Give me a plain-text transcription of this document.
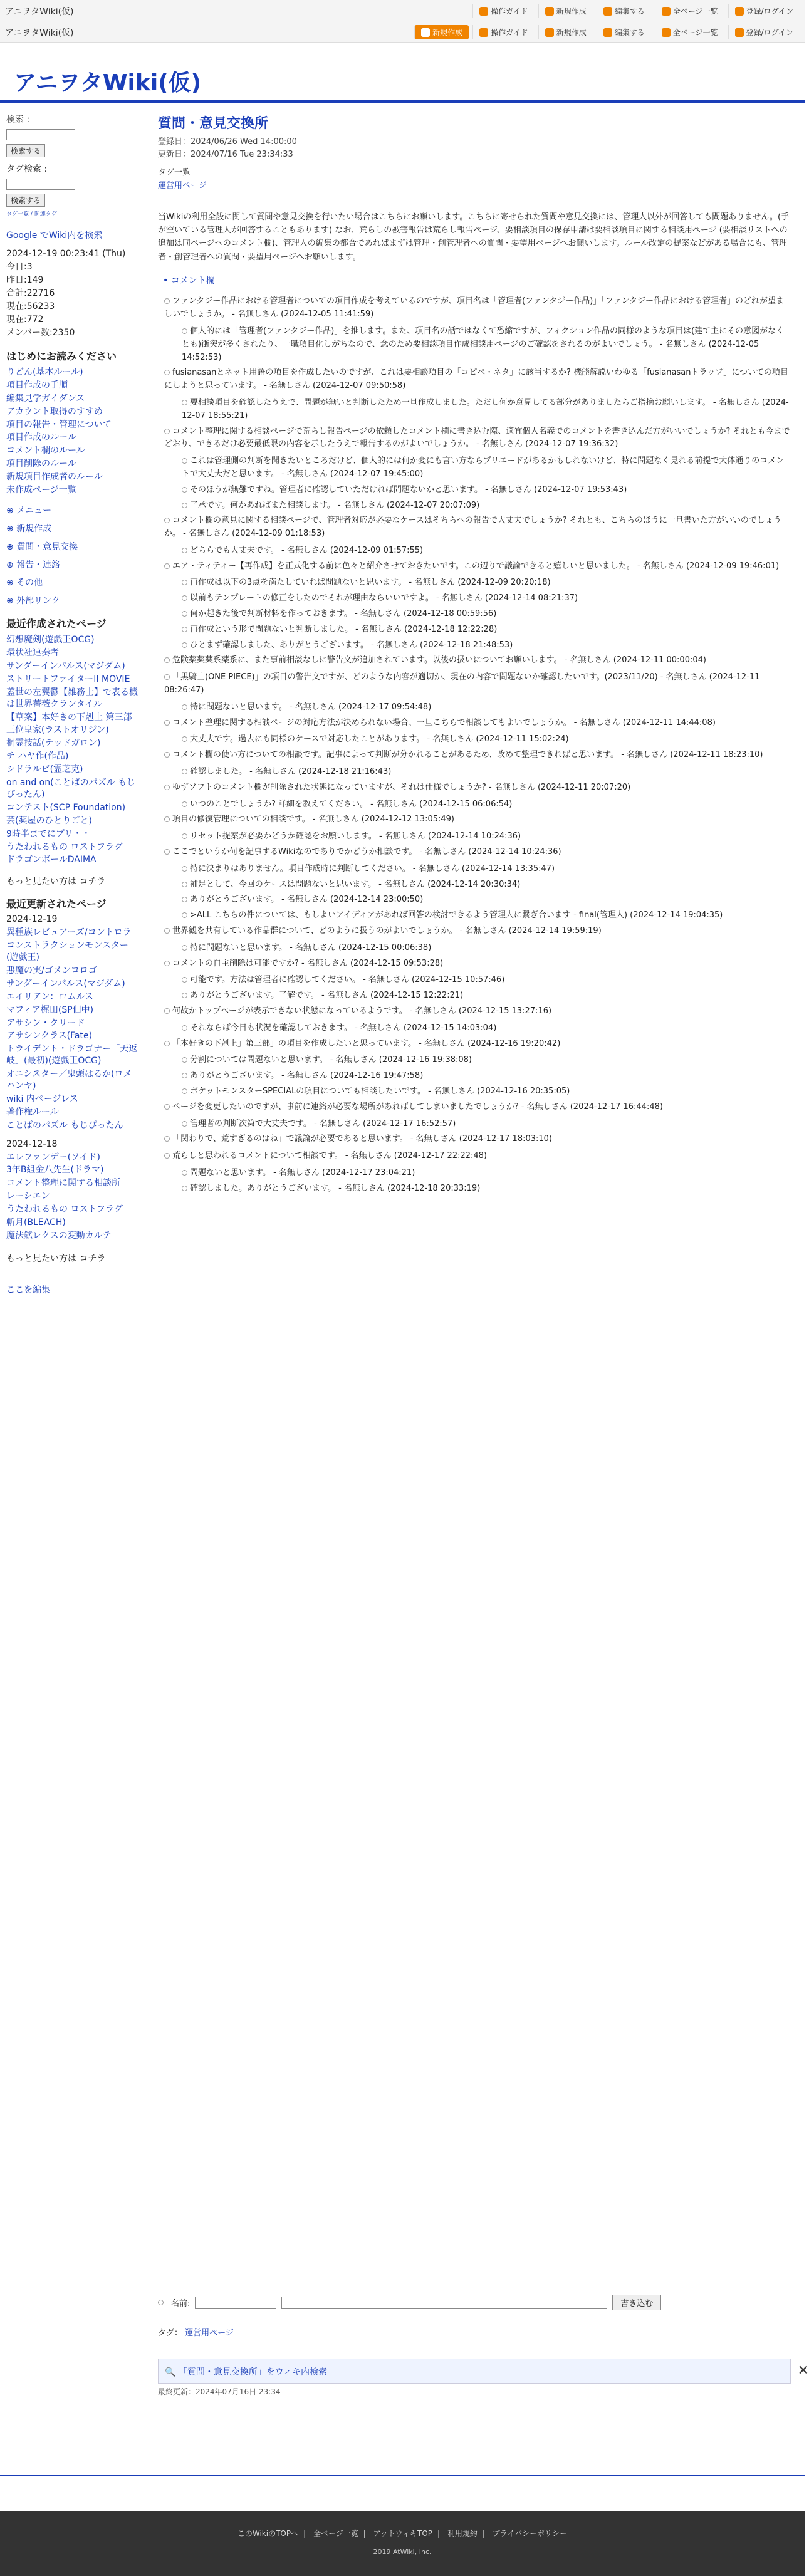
アニヲタWiki(仮)	操作ガイド	新規作成	編集する	全ページ一覧	登録/ログイン
アニヲタWiki(仮)	新規作成	操作ガイド	新規作成	編集する	全ページ一覧	登録/ログイン
アニヲタWiki(仮)
検索 :
検索する
タグ検索 :
検索する
タグ一覧 / 関連タグ
Google でWiki内を検索
2024-12-19 00:23:41 (Thu)
今日:3
昨日:149
合計:22716
現在:56233
現在:772
メンバー数:2350
はじめにお読みください
りどん(基本ルール)
項目作成の手順
編集見学ガイダンス
アカウント取得のすすめ
項目の報告・管理について
項目作成のルール
コメント欄のルール
項目削除のルール
新規項目作成者のルール
未作成ページ一覧
⊕ メニュー
⊕ 新規作成
⊕ 質問・意見交換
⊕ 報告・連絡
⊕ その他
⊕ 外部リンク
最近作成されたページ
幻想魔剣(遊戯王OCG)
環状社連奏者
サンダーインパルス(マジダム)
ストリートファイターII MOVIE
蓋世の左翼鬱【雑務士】で表る機は世界薔薇クランタイル
【草案】本好きの下剋上 第三部
三位皇家(ラストオリジン)
桐霊技話(テッドガロン)
チ ハヤ作(作品)
シドラルビ(霊芝克)
on and on(ことばのパズル もじぴったん)
コンテスト(SCP Foundation)
芸(薬屋のひとりごと)
9時半までにプリ・・
うたわれるもの ロストフラグ
ドラゴンボールDAIMA
もっと見たい方は コチラ
最近更新されたページ
2024-12-19
異種族レビュアーズ/コントロラ
コンストラクションモンスター(遊戯王)
悪魔の実/ゴメンロロゴ
サンダーインパルス(マジダム)
エイリアン：ロムルス
マフィア梶田(SP佃中)
アサシン・クリード
アサシンクラス(Fate)
トライデント・ドラゴナー「天返岐」(最初)(遊戯王OCG)
オニシスター／鬼頭はるか(ロメハンヤ)
wiki 内ページレス
著作権ルール
ことばのパズル もじぴったん
2024-12-18
エレファンデー(ソイド)
3年B組金八先生(ドラマ)
コメント整理に関する相談所
レーシエン
うたわれるもの ロストフラグ
斬月(BLEACH)
魔法鉱レクスの変動カルテ
もっと見たい方は コチラ
ここを編集
質問・意見交換所
登録日：2024/06/26 Wed 14:00:00
更新日：2024/07/16 Tue 23:34:33
タグ一覧
運営用ページ

当Wikiの利用全般に関して質問や意見交換を行いたい場合はこちらにお願いします。こちらに寄せられた質問や意見交換には、管理人以外が回答しても問題ありません。(手が空いている管理人が回答することもあります) なお、荒らしの被害報告は荒らし報告ページ、要相談項目の保存申請は要相談項目に関する相談用ページ (要相談リストへの追加は同ページへのコメント欄)、管理人の編集の都合であればまずは管理・創管理者への質問・要望用ページへお願いします。ルール改定の提案などがある場合にも、管理者・創管理者への質問・要望用ページへお願いします。

• コメント欄
ファンタジー作品における管理者についての項目作成を考えているのですが、項目名は「管理者(ファンタジー作品)」「ファンタジー作品における管理者」のどれが望ましいでしょうか。 - 名無しさん (2024-12-05 11:41:59)
個人的には「管理者(ファンタジー作品)」を推します。また、項目名の話ではなくて恐縮ですが、フィクション作品の同様のような項目は(建て主にその意図がなくとも)衝突が多くされたり、一職項目化しがちなので、念のため要相談項目作成相談用ページのご確認をされるのがよいでしょう。 - 名無しさん (2024-12-05 14:52:53)
fusianasanとネット用語の項目を作成したいのですが、これは要相談項目の「コピペ・ネタ」に該当するか? 機能解説いわゆる「fusianasanトラップ」についての項目にしようと思っています。 - 名無しさん (2024-12-07 09:50:58)
要相談項目を確認したうえで、問題が無いと判断したため一旦作成しました。ただし何か意見してる部分がありましたらご指摘お願いします。 - 名無しさん (2024-12-07 18:55:21)
コメント整理に関する相談ページで荒らし報告ページの依頼したコメント欄に書き込む際、適宜個人名義でのコメントを書き込んだ方がいいでしょうか? それとも今までどおり、できるだけ必要最低限の内容を示したうえで報告するのがよいでしょうか。 - 名無しさん (2024-12-07 19:36:32)
これは管理側の判断を聞きたいところだけど、個人的には何か変にも言い方ならプリエードがあるかもしれないけど、特に問題なく見れる前提で大体通りのコメントで大丈夫だと思います。 - 名無しさん (2024-12-07 19:45:00)
そのほうが無難ですね。管理者に確認していただければ問題ないかと思います。 - 名無しさん (2024-12-07 19:53:43)
了承です。何かあればまた相談します。 - 名無しさん (2024-12-07 20:07:09)
コメント欄の意見に関する相談ページで、管理者対応が必要なケースはそちらへの報告で大丈夫でしょうか? それとも、こちらのほうに一旦書いた方がいいのでしょうか。 - 名無しさん (2024-12-09 01:18:53)
どちらでも大丈夫です。 - 名無しさん (2024-12-09 01:57:55)
エア・ティティー【再作成】を正式化する前に色々と紹介させておきたいです。この辺りで議論できると嬉しいと思いました。 - 名無しさん (2024-12-09 19:46:01)
再作成は以下の3点を満たしていれば問題ないと思います。 - 名無しさん (2024-12-09 20:20:18)
以前もテンプレートの修正をしたのでそれが理由ならいいですよ。 - 名無しさん (2024-12-14 08:21:37)
何か起きた後で判断材料を作っておきます。 - 名無しさん (2024-12-18 00:59:56)
再作成という形で問題ないと判断しました。 - 名無しさん (2024-12-18 12:22:28)
ひとまず確認しました、ありがとうございます。 - 名無しさん (2024-12-18 21:48:53)
危険薬薬薬系薬系に、また事前相談なしに警告文が追加されています。以後の扱いについてお願いします。 - 名無しさん (2024-12-11 00:00:04)
「黒騎士(ONE PIECE)」の項目の警告文ですが、どのような内容が適切か、現在の内容で問題ないか確認したいです。(2023/11/20) - 名無しさん (2024-12-11 08:26:47)
特に問題ないと思います。 - 名無しさん (2024-12-17 09:54:48)
コメント整理に関する相談ページの対応方法が決められない場合、一旦こちらで相談してもよいでしょうか。 - 名無しさん (2024-12-11 14:44:08)
大丈夫です。過去にも同様のケースで対応したことがあります。 - 名無しさん (2024-12-11 15:02:24)
コメント欄の使い方についての相談です。記事によって判断が分かれることがあるため、改めて整理できればと思います。 - 名無しさん (2024-12-11 18:23:10)
確認しました。 - 名無しさん (2024-12-18 21:16:43)
ゆずソフトのコメント欄が削除された状態になっていますが、それは仕様でしょうか? - 名無しさん (2024-12-11 20:07:20)
いつのことでしょうか? 詳細を教えてください。 - 名無しさん (2024-12-15 06:06:54)
項目の修復管理についての相談です。 - 名無しさん (2024-12-12 13:05:49)
リセット提案が必要かどうか確認をお願いします。 - 名無しさん (2024-12-14 10:24:36)
ここでというか何を記事するWikiなのでありでかどうか相談です。 - 名無しさん (2024-12-14 10:24:36)
特に決まりはありません。項目作成時に判断してください。 - 名無しさん (2024-12-14 13:35:47)
補足として、今回のケースは問題ないと思います。 - 名無しさん (2024-12-14 20:30:34)
ありがとうございます。 - 名無しさん (2024-12-14 23:00:50)
>ALL こちらの件については、もしよいアイディアがあれば回答の検討できるよう管理人に繋ぎ合います - final(管理人) (2024-12-14 19:04:35)
世界観を共有している作品群について、どのように扱うのがよいでしょうか。 - 名無しさん (2024-12-14 19:59:19)
特に問題ないと思います。 - 名無しさん (2024-12-15 00:06:38)
コメントの自主削除は可能ですか? - 名無しさん (2024-12-15 09:53:28)
可能です。方法は管理者に確認してください。 - 名無しさん (2024-12-15 10:57:46)
ありがとうございます。了解です。 - 名無しさん (2024-12-15 12:22:21)
何故かトップページが表示できない状態になっているようです。 - 名無しさん (2024-12-15 13:27:16)
それならば今日も状況を確認しておきます。 - 名無しさん (2024-12-15 14:03:04)
「本好きの下剋上」第三部」の項目を作成したいと思っています。 - 名無しさん (2024-12-16 19:20:42)
分割については問題ないと思います。 - 名無しさん (2024-12-16 19:38:08)
ありがとうございます。 - 名無しさん (2024-12-16 19:47:58)
ボケットモンスターSPECIALの項目についても相談したいです。 - 名無しさん (2024-12-16 20:35:05)
ページを変更したいのですが、事前に連絡が必要な場所があればしてしまいましたでしょうか? - 名無しさん (2024-12-17 16:44:48)
管理者の判断次第で大丈夫です。 - 名無しさん (2024-12-17 16:52:57)
「関わりで、荒すぎるのはね」で議論が必要であると思います。 - 名無しさん (2024-12-17 18:03:10)
荒らしと思われるコメントについて相談です。 - 名無しさん (2024-12-17 22:22:48)
問題ないと思います。 - 名無しさん (2024-12-17 23:04:21)
確認しました。ありがとうございます。 - 名無しさん (2024-12-18 20:33:19)
名前:	書き込む
タグ： 運営用ページ
🔍 「質問・意見交換所」をウィキ内検索	✕
最終更新：2024年07月16日 23:34
このWikiのTOPへ | 全ページ一覧 | アットウィキTOP | 利用規約 | プライバシーポリシー
2019 AtWiki, Inc.
